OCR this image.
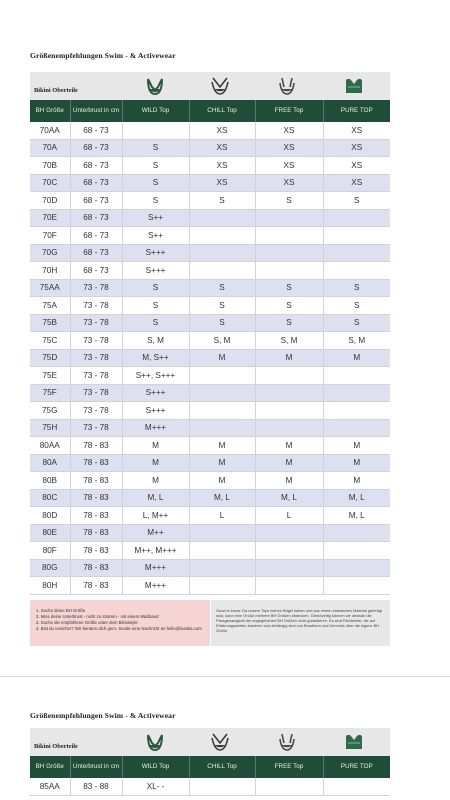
Größenempfehlungen Swim - & Activewear
Bikini Oberteile
BH Größe	Unterbrust in cm	WILD Top	CHILL Top	FREE Top	PURE TOP
70AA	68 - 73		XS	XS	XS
70A	68 - 73	S	XS	XS	XS
70B	68 - 73	S	XS	XS	XS
70C	68 - 73	S	XS	XS	XS
70D	68 - 73	S	S	S	S
70E	68 - 73	S++			
70F	68 - 73	S++			
70G	68 - 73	S+++			
70H	68 - 73	S+++			
75AA	73 - 78	S	S	S	S
75A	73 - 78	S	S	S	S
75B	73 - 78	S	S	S	S
75C	73 - 78	S, M	S, M	S, M	S, M
75D	73 - 78	M, S++	M	M	M
75E	73 - 78	S++, S+++			
75F	73 - 78	S+++			
75G	73 - 78	S+++			
75H	73 - 78	M+++			
80AA	78 - 83	M	M	M	M
80A	78 - 83	M	M	M	M
80B	78 - 83	M	M	M	M
80C	78 - 83	M, L	M, L	M, L	M, L
80D	78 - 83	L, M++	L	L	M, L
80E	78 - 83	M++			
80F	78 - 83	M++, M+++			
80G	78 - 83	M+++			
80H	78 - 83	M+++			
1. Suche deine BH Größe
2. Miss deine Unterbrust - nicht zu stramm - mit einem Maßband
3. Suche die empfohlene Größe unter dem Bikinistyle
4. Bist du unsicher? Wir beraten dich gern. Sende eine Nachricht an hello@inaska.com
Good to know: Da unsere Tops keinen Bügel haben und aus einem elastischen Material gefertigt sind, kann eine Größe mehrere BH Größen abdecken. Gleichzeitig können wir deshalb die Passgenauigkeit der angegebenen BH Größen nicht garantieren. Es sind Richtwerte, die auf Erfahrungswerten basieren und abhängig sind von Brustform und Kenntnis über die eigene BH Größe.
Größenempfehlungen Swim - & Activewear
Bikini Oberteile
BH Größe	Unterbrust in cm	WILD Top	CHILL Top	FREE Top	PURE TOP
85AA	83 - 88	XL- -			
